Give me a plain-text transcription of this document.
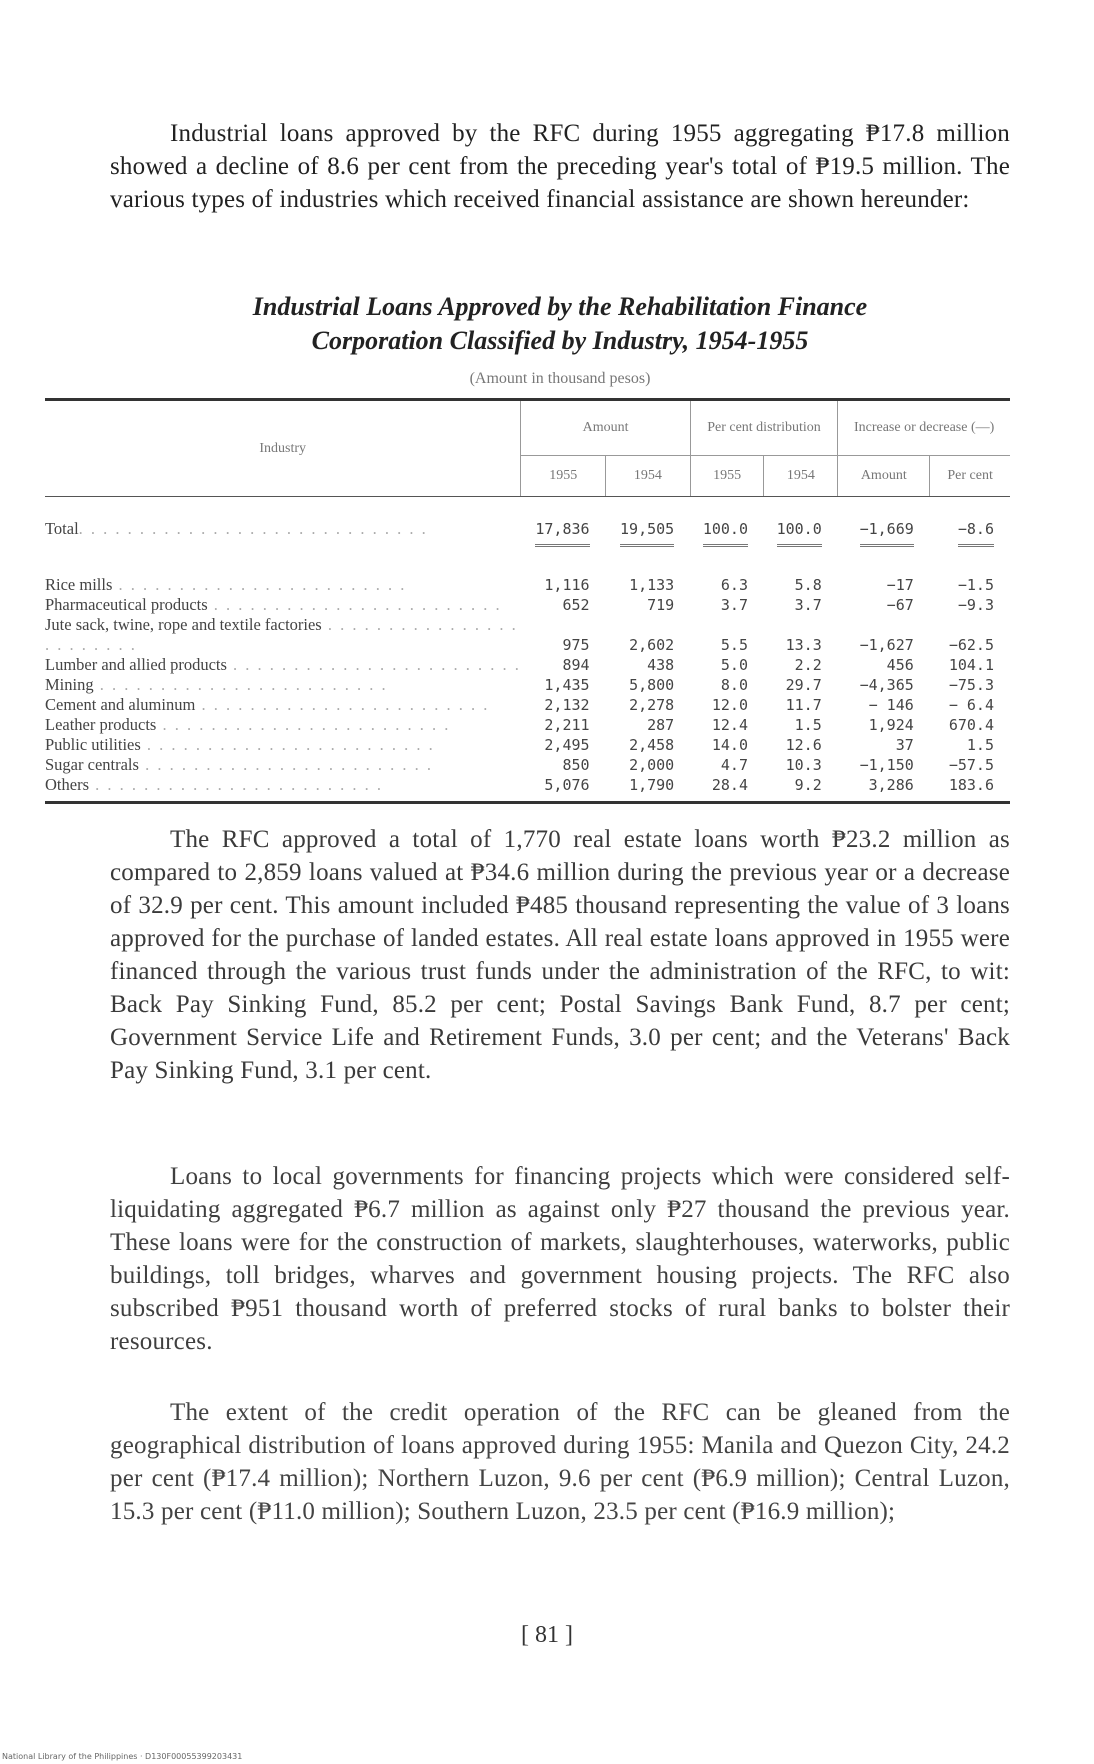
Industrial loans approved by the RFC during 1955 aggregating ₱17.8 million showed a decline of 8.6 per cent from the preceding year's total of ₱19.5 million. The various types of industries which received financial assistance are shown hereunder:
Industrial Loans Approved by the Rehabilitation Finance
Corporation Classified by Industry, 1954-1955
(Amount in thousand pesos)
Industry	Amount		Per cent distribution		Increase or decrease (—)	
	1955	1954	1955	1954	Amount	Per cent
Total. . . . . . . . . . . . . . . . . . . . . . . . . . . . .	17,836	19,505	100.0	100.0	−1,669	−8.6
Rice mills . . . . . . . . . . . . . . . . . . . . . . . .	1,116	1,133	6.3	5.8	−17	−1.5
Pharmaceutical products . . . . . . . . . . . . . . . . . . . . . . . .	652	719	3.7	3.7	−67	−9.3
Jute sack, twine, rope and textile factories . . . . . . . . . . . . . . . . . . . . . . . .	975	2,602	5.5	13.3	−1,627	−62.5
Lumber and allied products . . . . . . . . . . . . . . . . . . . . . . . .	894	438	5.0	2.2	456	104.1
Mining . . . . . . . . . . . . . . . . . . . . . . . .	1,435	5,800	8.0	29.7	−4,365	−75.3
Cement and aluminum . . . . . . . . . . . . . . . . . . . . . . . .	2,132	2,278	12.0	11.7	− 146	− 6.4
Leather products . . . . . . . . . . . . . . . . . . . . . . . .	2,211	287	12.4	1.5	1,924	670.4
Public utilities . . . . . . . . . . . . . . . . . . . . . . . .	2,495	2,458	14.0	12.6	37	1.5
Sugar centrals . . . . . . . . . . . . . . . . . . . . . . . .	850	2,000	4.7	10.3	−1,150	−57.5
Others . . . . . . . . . . . . . . . . . . . . . . . .	5,076	1,790	28.4	9.2	3,286	183.6
The RFC approved a total of 1,770 real estate loans worth ₱23.2 million as compared to 2,859 loans valued at ₱34.6 million during the previous year or a decrease of 32.9 per cent. This amount included ₱485 thousand representing the value of 3 loans approved for the purchase of landed estates. All real estate loans approved in 1955 were financed through the various trust funds under the administration of the RFC, to wit: Back Pay Sinking Fund, 85.2 per cent; Postal Savings Bank Fund, 8.7 per cent; Government Service Life and Retirement Funds, 3.0 per cent; and the Veterans' Back Pay Sinking Fund, 3.1 per cent.
Loans to local governments for financing projects which were considered self-liquidating aggregated ₱6.7 million as against only ₱27 thousand the previous year. These loans were for the construction of markets, slaughterhouses, waterworks, public buildings, toll bridges, wharves and government housing projects. The RFC also subscribed ₱951 thousand worth of preferred stocks of rural banks to bolster their resources.
The extent of the credit operation of the RFC can be gleaned from the geographical distribution of loans approved during 1955: Manila and Quezon City, 24.2 per cent (₱17.4 million); Northern Luzon, 9.6 per cent (₱6.9 million); Central Luzon, 15.3 per cent (₱11.0 million); Southern Luzon, 23.5 per cent (₱16.9 million);
[ 81 ]
National Library of the Philippines · D130F00055399203431
